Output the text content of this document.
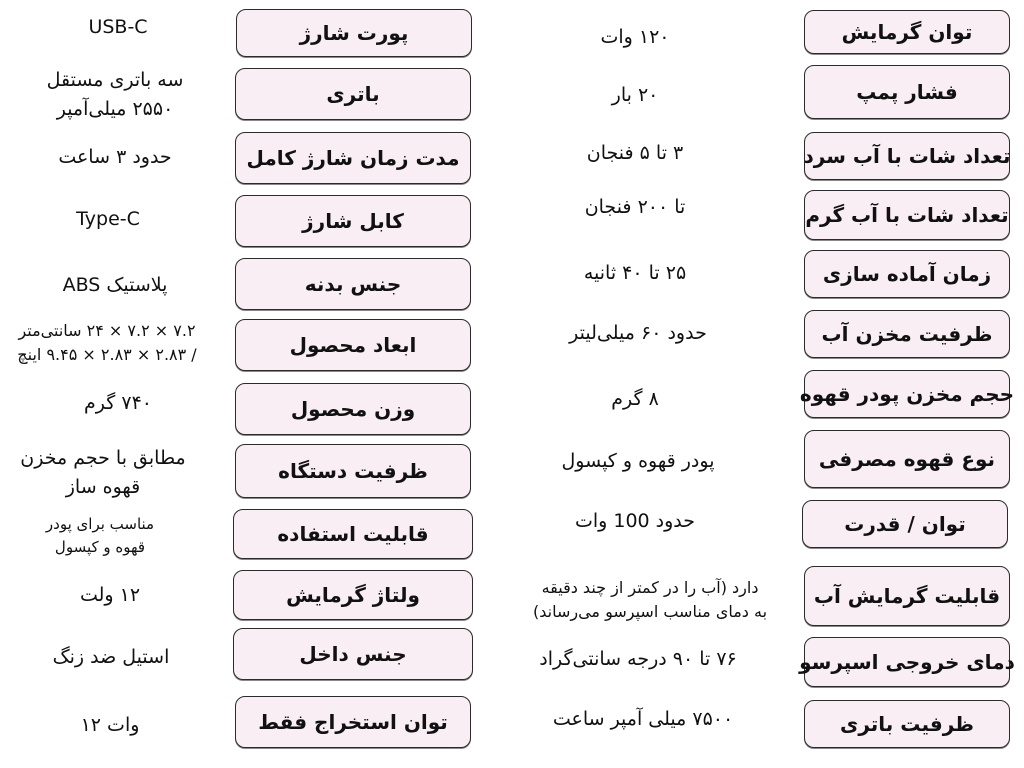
توان گرمایش
فشار پمپ
تعداد شات با آب سرد
تعداد شات با آب گرم
زمان آماده سازی
ظرفیت مخزن آب
حجم مخزن پودر قهوه
نوع قهوه مصرفی
توان / قدرت
قابلیت گرمایش آب
دمای خروجی اسپرسو
ظرفیت باتری
۱۲۰ وات
۲۰ بار
۳ تا ۵ فنجان
تا ۲۰۰ فنجان
۲۵ تا ۴۰ ثانیه
حدود ۶۰ میلی‌لیتر
۸ گرم
پودر قهوه و کپسول
حدود 100 وات
دارد (آب را در کمتر از چند دقیقه
به دمای مناسب اسپرسو می‌رساند)
۷۶ تا ۹۰ درجه سانتی‌گراد
۷۵۰۰ میلی آمپر ساعت
پورت شارژ
باتری
مدت زمان شارژ کامل
کابل شارژ
جنس بدنه
ابعاد محصول
وزن محصول
ظرفیت دستگاه
قابلیت استفاده
ولتاژ گرمایش
جنس داخل
توان استخراج فقط
USB-C
سه باتری مستقل
۲۵۵۰ میلی‌آمپر
حدود ۳ ساعت
Type-C
پلاستیک ABS
۷.۲ × ۷.۲ × ۲۴ سانتی‌متر
/ ۲.۸۳ × ۲.۸۳ × ۹.۴۵ اینچ
۷۴۰ گرم
مطابق با حجم مخزن
قهوه ساز
مناسب برای پودر
قهوه و کپسول
۱۲ ولت
استیل ضد زنگ
وات ۱۲
